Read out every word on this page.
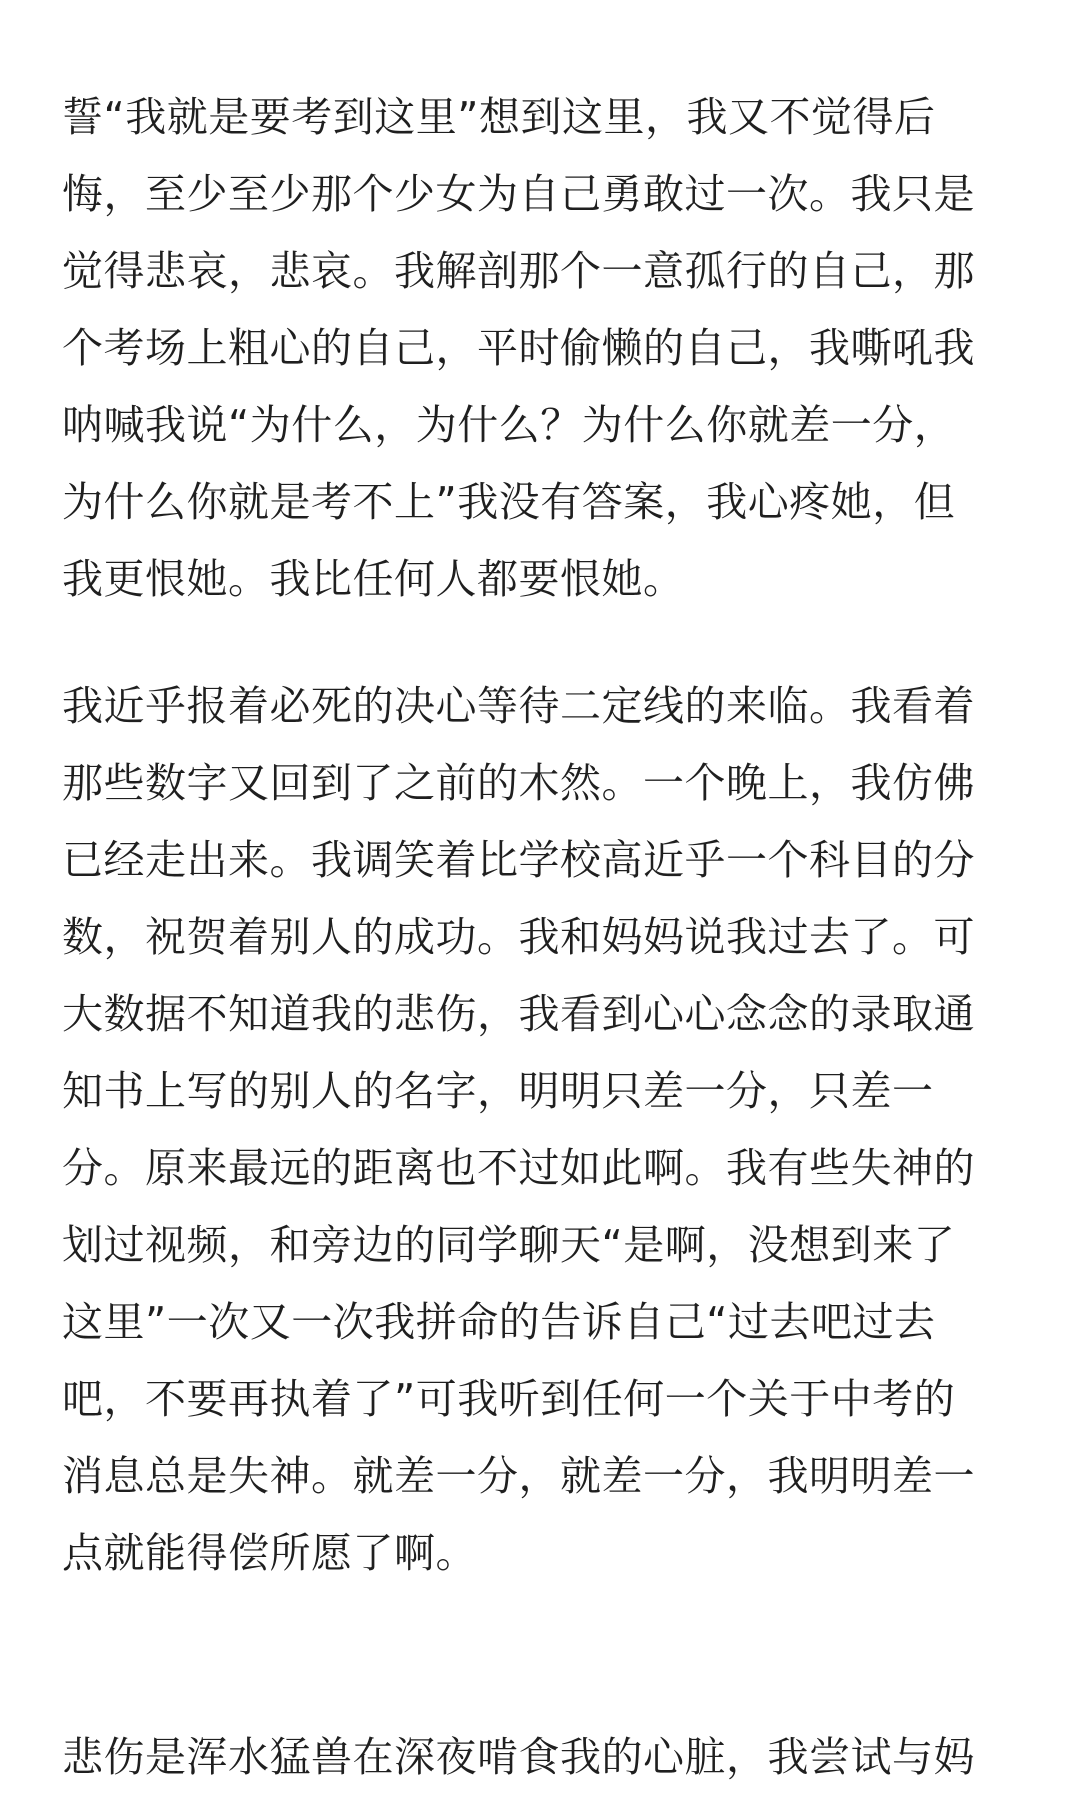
誓“我就是要考到这里”想到这里，我又不觉得后
悔，至少至少那个少女为自己勇敢过一次。我只是
觉得悲哀，悲哀。我解剖那个一意孤行的自己，那
个考场上粗心的自己，平时偷懒的自己，我嘶吼我
呐喊我说“为什么，为什么？为什么你就差一分，
为什么你就是考不上”我没有答案，我心疼她，但
我更恨她。我比任何人都要恨她。

我近乎报着必死的决心等待二定线的来临。我看着
那些数字又回到了之前的木然。一个晚上，我仿佛
已经走出来。我调笑着比学校高近乎一个科目的分
数，祝贺着别人的成功。我和妈妈说我过去了。可
大数据不知道我的悲伤，我看到心心念念的录取通
知书上写的别人的名字，明明只差一分，只差一
分。原来最远的距离也不过如此啊。我有些失神的
划过视频，和旁边的同学聊天“是啊，没想到来了
这里”一次又一次我拼命的告诉自己“过去吧过去
吧，不要再执着了”可我听到任何一个关于中考的
消息总是失神。就差一分，就差一分，我明明差一
点就能得偿所愿了啊。

悲伤是浑水猛兽在深夜啃食我的心脏，我尝试与妈
